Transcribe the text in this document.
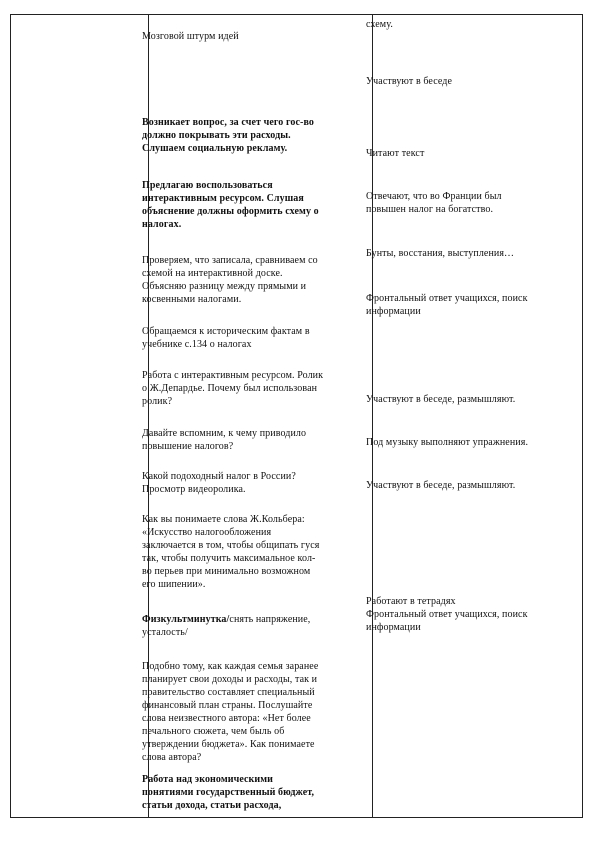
Мозговой штурм идей
Возникает вопрос, за счет чего гос-во
должно покрывать эти расходы.
Слушаем социальную рекламу.
Предлагаю воспользоваться
интерактивным ресурсом. Слушая
объяснение должны оформить схему о
налогах.
Проверяем, что записала, сравниваем со
схемой на интерактивной доске.
Объясняю разницу между прямыми и
косвенными налогами.
Обращаемся к историческим фактам в
учебнике с.134 о налогах
Работа с интерактивным ресурсом. Ролик
о Ж.Депардье. Почему был использован
ролик?
Давайте вспомним, к чему приводило
повышение налогов?
Какой подоходный налог в России?
Просмотр видеоролика.
Как вы понимаете слова Ж.Кольбера:
«Искусство налогообложения
заключается в том, чтобы общипать гуся
так, чтобы получить максимальное кол-
во перьев при минимально возможном
его шипении».
Физкультминутка/снять напряжение,
усталость/
Подобно тому, как каждая семья заранее
планирует свои доходы и расходы, так и
правительство составляет специальный
финансовый план страны. Послушайте
слова неизвестного автора: «Нет более
печального сюжета, чем быль об
утверждении бюджета». Как понимаете
слова автора?
Работа над экономическими
понятиями государственный бюджет,
статьи дохода, статьи расхода,
схему.
Участвуют в беседе
Читают текст
Отвечают, что во Франции был
повышен налог на богатство.
Бунты, восстания, выступления…
Фронтальный ответ учащихся, поиск
информации
Участвуют в беседе, размышляют.
Под музыку выполняют упражнения.
Участвуют в беседе, размышляют.
Работают в тетрадях
Фронтальный ответ учащихся, поиск
информации
